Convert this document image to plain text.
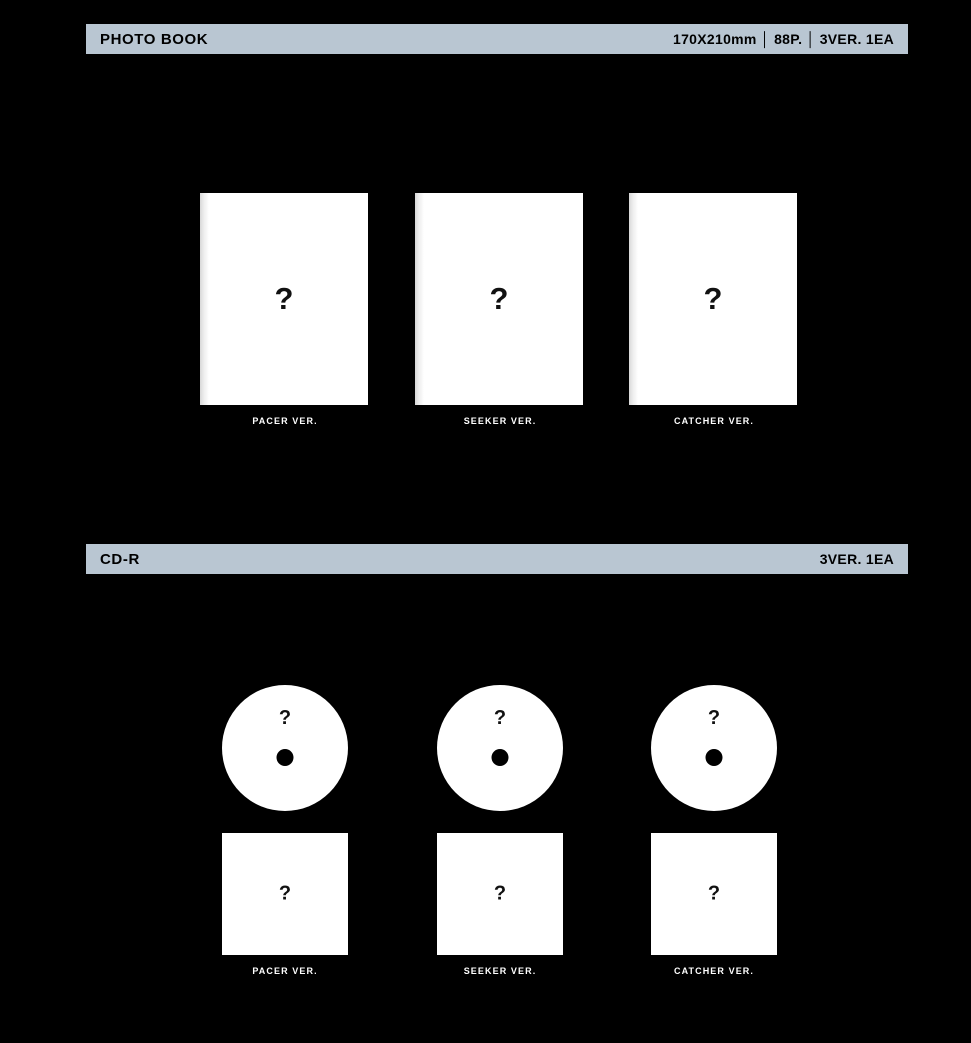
PHOTO BOOK	170X210mm │ 88P. │ 3VER. 1EA
?
PACER VER.
?
SEEKER VER.
?
CATCHER VER.
CD-R	3VER. 1EA
?
?
PACER VER.
?
?
SEEKER VER.
?
?
CATCHER VER.
